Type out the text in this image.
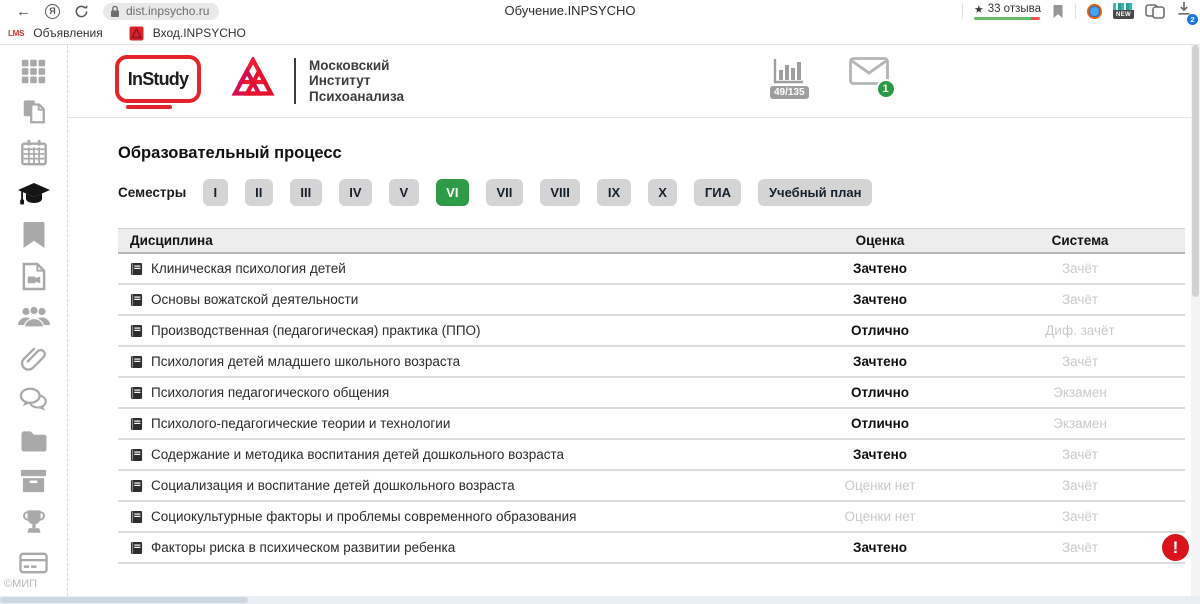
←	Я	dist.inpsycho.ru	Обучение.INPSYCHO	★ 33 отзыва	NEW	2
LMS Объявления	Вход.INPSYCHO
©МИП
InStudy
Московский
Институт
Психоанализа	49/135	1
Образовательный процесс
Семестры	I	II	III	IV	V	VI	VII	VIII	IX	X	ГИА	Учебный план
Дисциплина	Оценка	Система
Клиническая психология детей	Зачтено	Зачёт
Основы вожатской деятельности	Зачтено	Зачёт
Производственная (педагогическая) практика (ППО)	Отлично	Диф. зачёт
Психология детей младшего школьного возраста	Зачтено	Зачёт
Психология педагогического общения	Отлично	Экзамен
Психолого-педагогические теории и технологии	Отлично	Экзамен
Содержание и методика воспитания детей дошкольного возраста	Зачтено	Зачёт
Социализация и воспитание детей дошкольного возраста	Оценки нет	Зачёт
Социокультурные факторы и проблемы современного образования	Оценки нет	Зачёт
Факторы риска в психическом развитии ребенка	Зачтено	Зачёт	!
